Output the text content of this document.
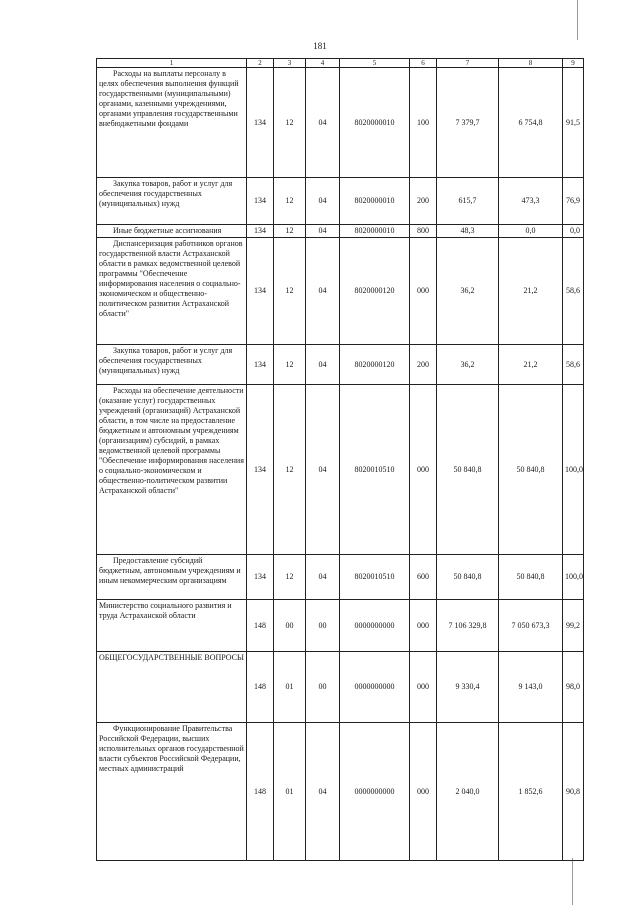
181
1	2	3	4	5	6	7	8	9
Расходы на выплаты персоналу в целях обеспечения выполнения функций государственными (муниципальными) органами, казенными учреждениями, органами управления государственными внебюджетными фондами	134	12	04	8020000010	100	7 379,7	6 754,8	91,5
Закупка товаров, работ и услуг для обеспечения государственных (муниципальных) нужд	134	12	04	8020000010	200	615,7	473,3	76,9
Иные бюджетные ассигнования	134	12	04	8020000010	800	48,3	0,0	0,0
Диспансеризация работников органов государственной власти Астраханской области в рамках ведомственной целевой программы "Обеспечение информирования населения о социально-экономическом и общественно-политическом развитии Астраханской области"	134	12	04	8020000120	000	36,2	21,2	58,6
Закупка товаров, работ и услуг для обеспечения государственных (муниципальных) нужд	134	12	04	8020000120	200	36,2	21,2	58,6
Расходы на обеспечение деятельности (оказание услуг) государственных учреждений (организаций) Астраханской области, в том числе на предоставление бюджетным и автономным учреждениям (организациям) субсидий, в рамках ведомственной целевой программы "Обеспечение информирования населения о социально-экономическом и общественно-политическом развитии Астраханской области"	134	12	04	8020010510	000	50 840,8	50 840,8	100,0
Предоставление субсидий бюджетным, автономным учреждениям и иным некоммерческим организациям	134	12	04	8020010510	600	50 840,8	50 840,8	100,0
Министерство социального развития и труда Астраханской области	148	00	00	0000000000	000	7 106 329,8	7 050 673,3	99,2
ОБЩЕГОСУДАРСТВЕННЫЕ ВОПРОСЫ	148	01	00	0000000000	000	9 330,4	9 143,0	98,0
Функционирование Правительства Российской Федерации, высших исполнительных органов государственной власти субъектов Российской Федерации, местных администраций	148	01	04	0000000000	000	2 040,0	1 852,6	90,8
